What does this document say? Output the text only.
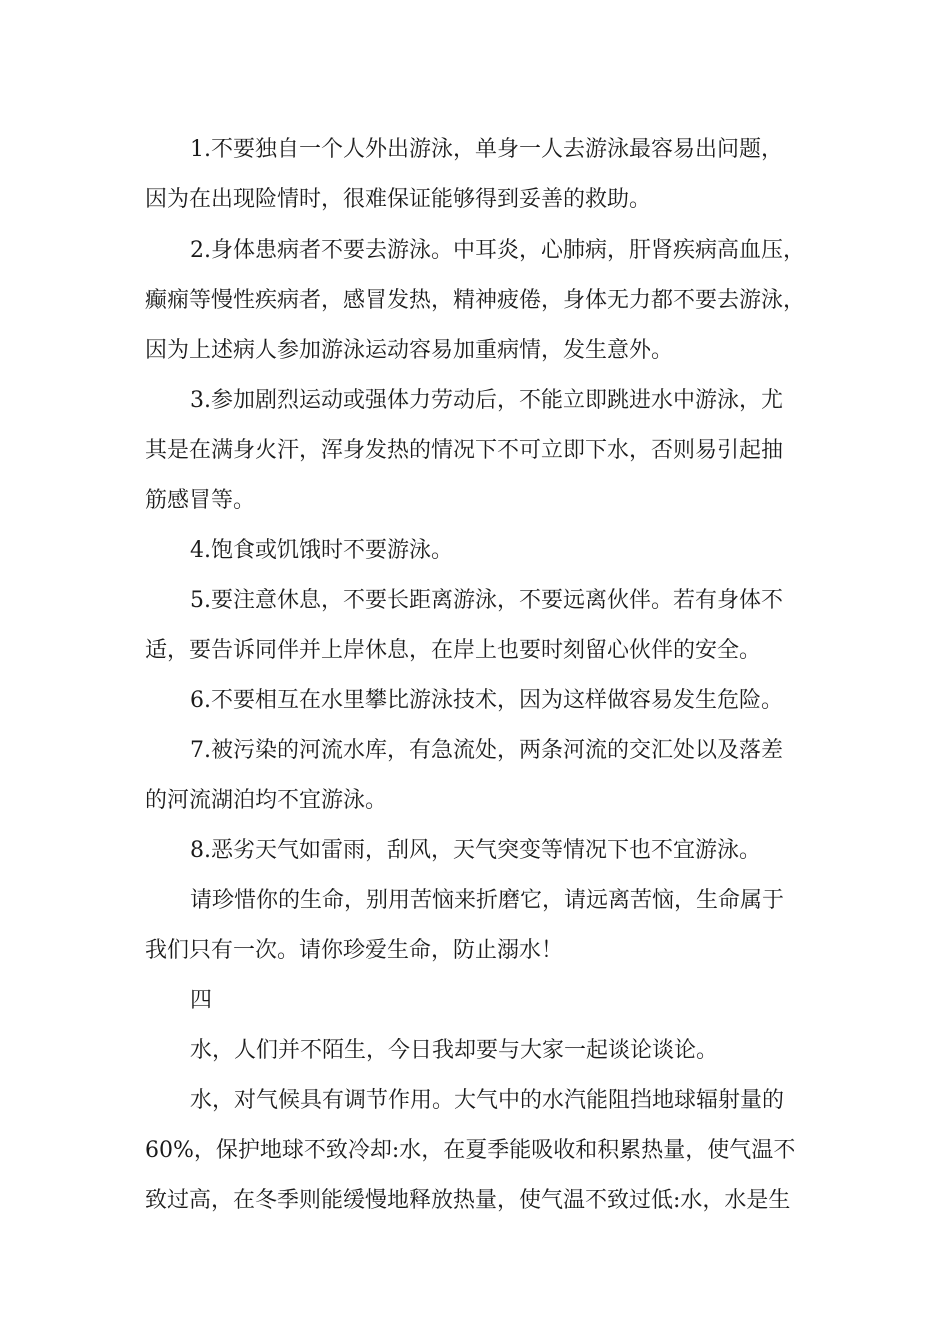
1.不要独自一个人外出游泳，单身一人去游泳最容易出问题，
因为在出现险情时，很难保证能够得到妥善的救助。
2.身体患病者不要去游泳。中耳炎，心肺病，肝肾疾病高血压，
癫痫等慢性疾病者，感冒发热，精神疲倦，身体无力都不要去游泳，
因为上述病人参加游泳运动容易加重病情，发生意外。
3.参加剧烈运动或强体力劳动后，不能立即跳进水中游泳，尤
其是在满身火汗，浑身发热的情况下不可立即下水，否则易引起抽
筋感冒等。
4.饱食或饥饿时不要游泳。
5.要注意休息，不要长距离游泳，不要远离伙伴。若有身体不
适，要告诉同伴并上岸休息，在岸上也要时刻留心伙伴的安全。
6.不要相互在水里攀比游泳技术，因为这样做容易发生危险。
7.被污染的河流水库，有急流处，两条河流的交汇处以及落差
的河流湖泊均不宜游泳。
8.恶劣天气如雷雨，刮风，天气突变等情况下也不宜游泳。
请珍惜你的生命，别用苦恼来折磨它，请远离苦恼，生命属于
我们只有一次。请你珍爱生命，防止溺水！
四
水，人们并不陌生，今日我却要与大家一起谈论谈论。
水，对气候具有调节作用。大气中的水汽能阻挡地球辐射量的
60%，保护地球不致冷却:水，在夏季能吸收和积累热量，使气温不
致过高，在冬季则能缓慢地释放热量，使气温不致过低:水，水是生
